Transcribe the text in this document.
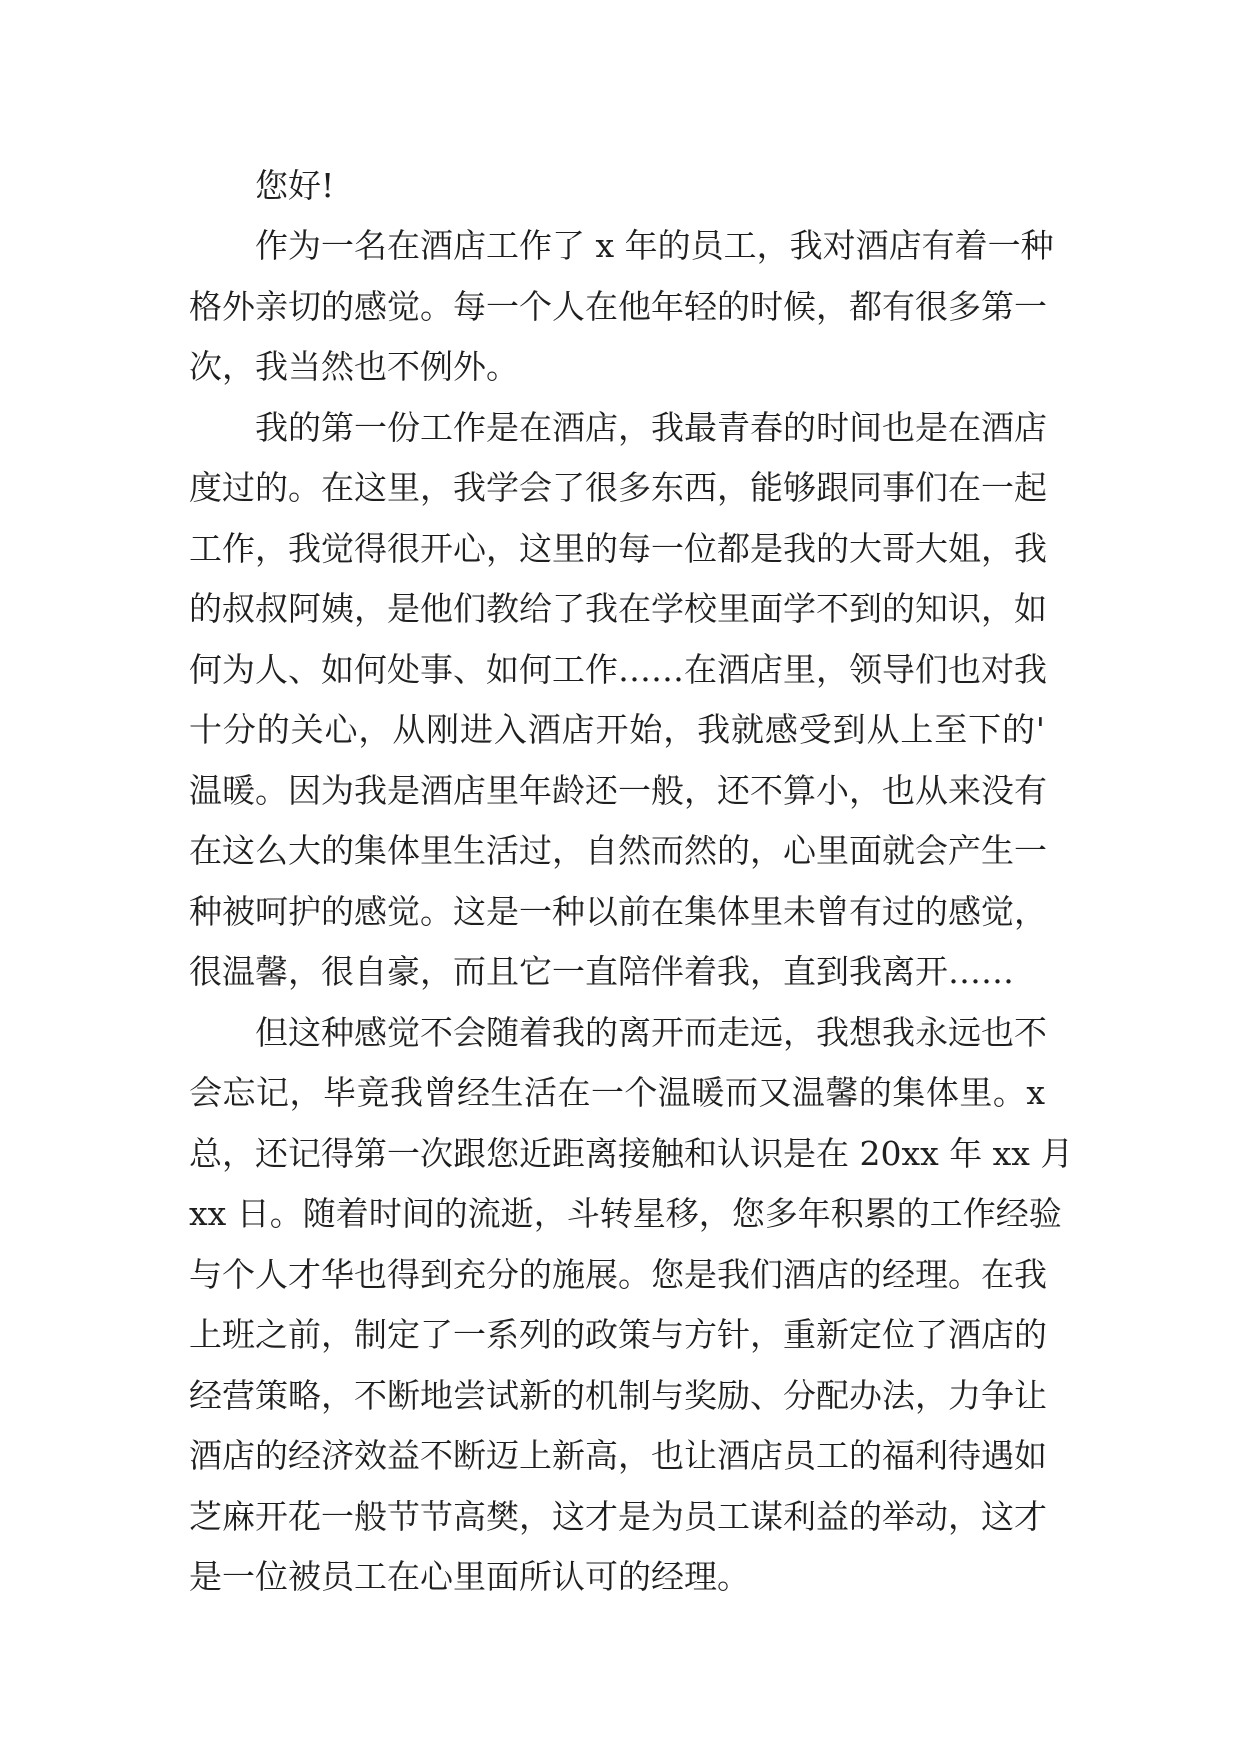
您好!

作为一名在酒店工作了 x 年的员工，我对酒店有着一种

格外亲切的感觉。每一个人在他年轻的时候，都有很多第一

次，我当然也不例外。

我的第一份工作是在酒店，我最青春的时间也是在酒店

度过的。在这里，我学会了很多东西，能够跟同事们在一起

工作，我觉得很开心，这里的每一位都是我的大哥大姐，我

的叔叔阿姨，是他们教给了我在学校里面学不到的知识，如

何为人、如何处事、如何工作……在酒店里，领导们也对我

十分的关心，从刚进入酒店开始，我就感受到从上至下的'

温暖。因为我是酒店里年龄还一般，还不算小，也从来没有

在这么大的集体里生活过，自然而然的，心里面就会产生一

种被呵护的感觉。这是一种以前在集体里未曾有过的感觉，

很温馨，很自豪，而且它一直陪伴着我，直到我离开……

但这种感觉不会随着我的离开而走远，我想我永远也不

会忘记，毕竟我曾经生活在一个温暖而又温馨的集体里。x

总，还记得第一次跟您近距离接触和认识是在 20xx 年 xx 月

xx 日。随着时间的流逝，斗转星移，您多年积累的工作经验

与个人才华也得到充分的施展。您是我们酒店的经理。在我

上班之前，制定了一系列的政策与方针，重新定位了酒店的

经营策略，不断地尝试新的机制与奖励、分配办法，力争让

酒店的经济效益不断迈上新高，也让酒店员工的福利待遇如

芝麻开花一般节节高樊，这才是为员工谋利益的举动，这才

是一位被员工在心里面所认可的经理。
